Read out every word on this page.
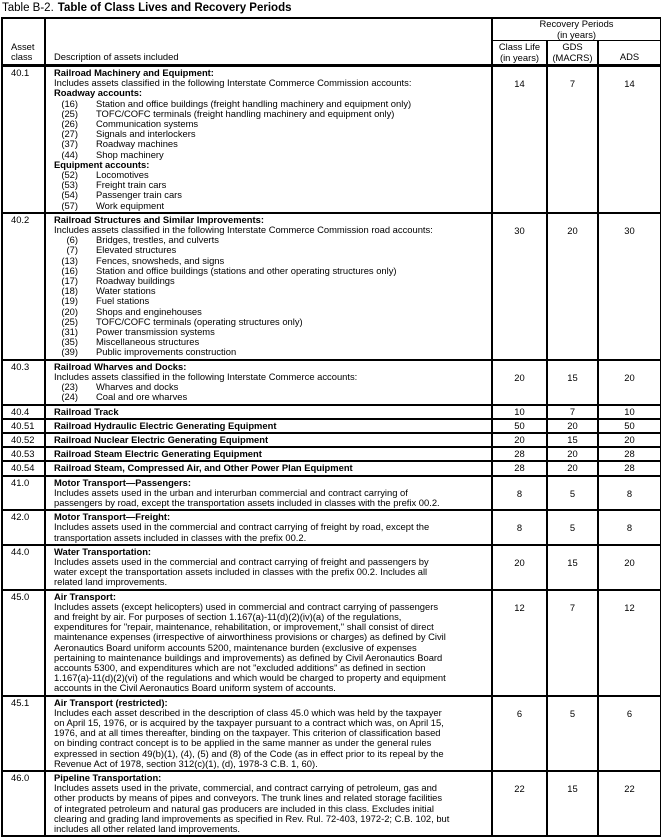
Table B-2. Table of Class Lives and Recovery Periods
Asset class	Description of assets included	Recovery Periods
(in years)		

		Class Life (in years)	GDS (MACRS)	ADS
40.1	Railroad Machinery and Equipment:
Includes assets classified in the following Interstate Commerce Commission accounts:
Roadway accounts:
(16) Station and office buildings (freight handling machinery and equipment only)
(25) TOFC/COFC terminals (freight handling machinery and equipment only)
(26) Communication systems
(27) Signals and interlockers
(37) Roadway machines
(44) Shop machinery
Equipment accounts:
(52) Locomotives
(53) Freight train cars
(54) Passenger train cars
(57) Work equipment
	14	7	14
40.2	Railroad Structures and Similar Improvements:
Includes assets classified in the following Interstate Commerce Commission road accounts:
(6) Bridges, trestles, and culverts
(7) Elevated structures
(13) Fences, snowsheds, and signs
(16) Station and office buildings (stations and other operating structures only)
(17) Roadway buildings
(18) Water stations
(19) Fuel stations
(20) Shops and enginehouses
(25) TOFC/COFC terminals (operating structures only)
(31) Power transmission systems
(35) Miscellaneous structures
(39) Public improvements construction
	30	20	30
40.3	Railroad Wharves and Docks:
Includes assets classified in the following Interstate Commerce accounts:
(23) Wharves and docks
(24) Coal and ore wharves	20	15	20
40.4	Railroad Track	10	7	10
40.51	Railroad Hydraulic Electric Generating Equipment	50	20	50
40.52	Railroad Nuclear Electric Generating Equipment	20	15	20
40.53	Railroad Steam Electric Generating Equipment	28	20	28
40.54	Railroad Steam, Compressed Air, and Other Power Plan Equipment	28	20	28
41.0	Motor Transport—Passengers:
Includes assets used in the urban and interurban commercial and contract carrying of
passengers by road, except the transportation assets included in classes with the prefix 00.2.	8	5	8
42.0	Motor Transport—Freight:
Includes assets used in the commercial and contract carrying of freight by road, except the
transportation assets included in classes with the prefix 00.2.	8	5	8
44.0	Water Transportation:
Includes assets used in the commercial and contract carrying of freight and passengers by
water except the transportation assets included in classes with the prefix 00.2. Includes all
related land improvements.	20	15	20
45.0	Air Transport:
Includes assets (except helicopters) used in commercial and contract carrying of passengers
and freight by air. For purposes of section 1.167(a)-11(d)(2)(iv)(a) of the regulations,
expenditures for "repair, maintenance, rehabilitation, or improvement," shall consist of direct
maintenance expenses (irrespective of airworthiness provisions or charges) as defined by Civil
Aeronautics Board uniform accounts 5200, maintenance burden (exclusive of expenses
pertaining to maintenance buildings and improvements) as defined by Civil Aeronautics Board
accounts 5300, and expenditures which are not "excluded additions" as defined in section
1.167(a)-11(d)(2)(vi) of the regulations and which would be charged to property and equipment
accounts in the Civil Aeronautics Board uniform system of accounts.
	12	7	12
45.1	Air Transport (restricted):
Includes each asset described in the description of class 45.0 which was held by the taxpayer
on April 15, 1976, or is acquired by the taxpayer pursuant to a contract which was, on April 15,
1976, and at all times thereafter, binding on the taxpayer. This criterion of classification based
on binding contract concept is to be applied in the same manner as under the general rules
expressed in section 49(b)(1), (4), (5) and (8) of the Code (as in effect prior to its repeal by the
Revenue Act of 1978, section 312(c)(1), (d), 1978-3 C.B. 1, 60).
	6	5	6
46.0	Pipeline Transportation:
Includes assets used in the private, commercial, and contract carrying of petroleum, gas and
other products by means of pipes and conveyors. The trunk lines and related storage facilities
of integrated petroleum and natural gas producers are included in this class. Excludes initial
clearing and grading land improvements as specified in Rev. Rul. 72-403, 1972-2; C.B. 102, but
includes all other related land improvements.
	22	15	22
